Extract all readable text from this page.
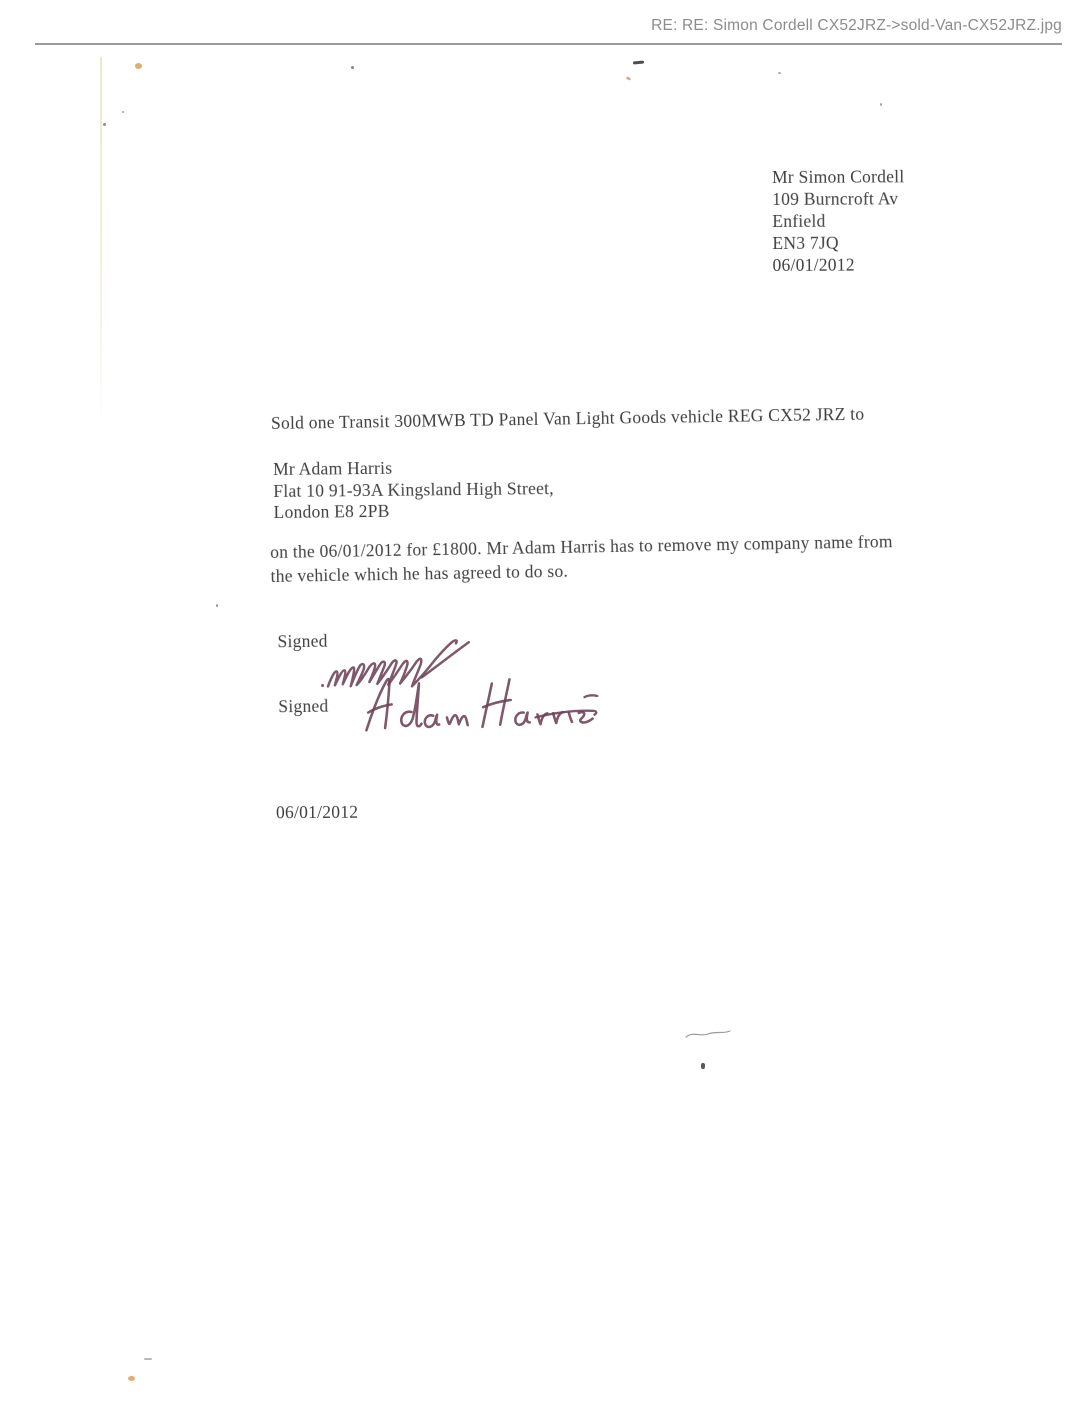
RE: RE: Simon Cordell CX52JRZ->sold-Van-CX52JRZ.jpg
Mr Simon Cordell
109 Burncroft Av
Enfield
EN3 7JQ
06/01/2012
Sold one Transit 300MWB TD Panel Van Light Goods vehicle REG CX52 JRZ to
Mr Adam Harris
Flat 10 91-93A Kingsland High Street,
London E8 2PB
on the 06/01/2012 for £1800. Mr Adam Harris has to remove my company name from
the vehicle which he has agreed to do so.
Signed
Signed
06/01/2012
